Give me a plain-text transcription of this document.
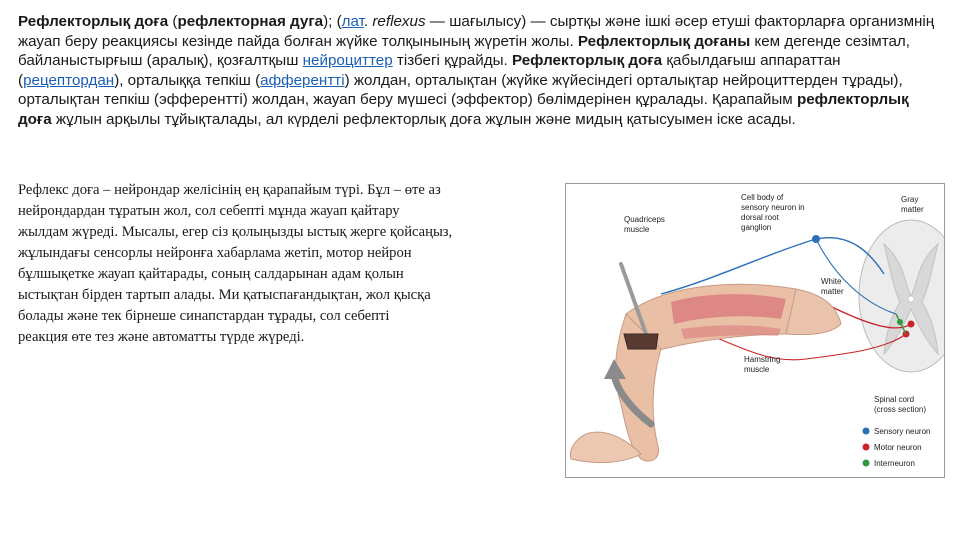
Рефлекторлық доға (рефлекторная дуга); (лат. reflexus — шағылысу) — сыртқы және ішкі әсер етуші факторларға организмнің жауап беру реакциясы кезінде пайда болған жүйке толқынының жүретін жолы. Рефлекторлық доғаны кем дегенде сезімтал, байланыстырғыш (аралық), қозғалтқыш нейроциттер тізбегі құрайды. Рефлекторлық доға қабылдағыш аппараттан (рецептордан), орталыққа тепкіш (афферентті) жолдан, орталықтан (жүйке жүйесіндегі орталықтар нейроциттерден тұрады), орталықтан тепкіш (эфферентті) жолдан, жауап беру мүшесі (эффектор) бөлімдерінен құралады. Қарапайым рефлекторлық доға жұлын арқылы тұйықталады, ал күрделі рефлекторлық доға жұлын және мидың қатысуымен іске асады.
Рефлекс доға – нейрондар желісінің ең қарапайым түрі. Бұл – өте аз
нейрондардан тұратын жол, сол себепті мұнда жауап қайтару
жылдам жүреді. Мысалы, егер сіз қолыңызды ыстық жерге қойсаңыз,
жұлындағы сенсорлы нейронға хабарлама жетіп, мотор нейрон
бұлшықетке жауап қайтарады, соның салдарынан адам қолын
ыстықтан бірден тартып алады. Ми қатыспағандықтан, жол қысқа
болады және тек бірнеше синапстардан тұрады, сол себепті
реакция өте тез және автоматты түрде жүреді.
Quadriceps
muscle
Cell body of
sensory neuron in
dorsal root
ganglion
Gray
matter
White
matter
Hamstring
muscle
Spinal cord
(cross section)
Sensory neuron
Motor neuron
Interneuron
